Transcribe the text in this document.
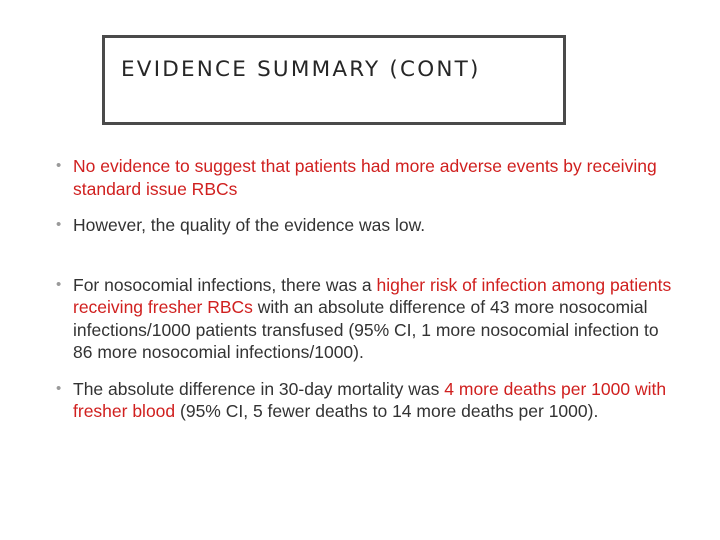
EVIDENCE SUMMARY (CONT)
• No evidence to suggest that patients had more adverse events by receiving standard issue RBCs
• However, the quality of the evidence was low.
• For nosocomial infections, there was a higher risk of infection among patients receiving fresher RBCs with an absolute difference of 43 more nosocomial infections/1000 patients transfused (95% CI, 1 more nosocomial infection to 86 more nosocomial infections/1000).
• The absolute difference in 30-day mortality was 4 more deaths per 1000 with fresher blood (95% CI, 5 fewer deaths to 14 more deaths per 1000).
